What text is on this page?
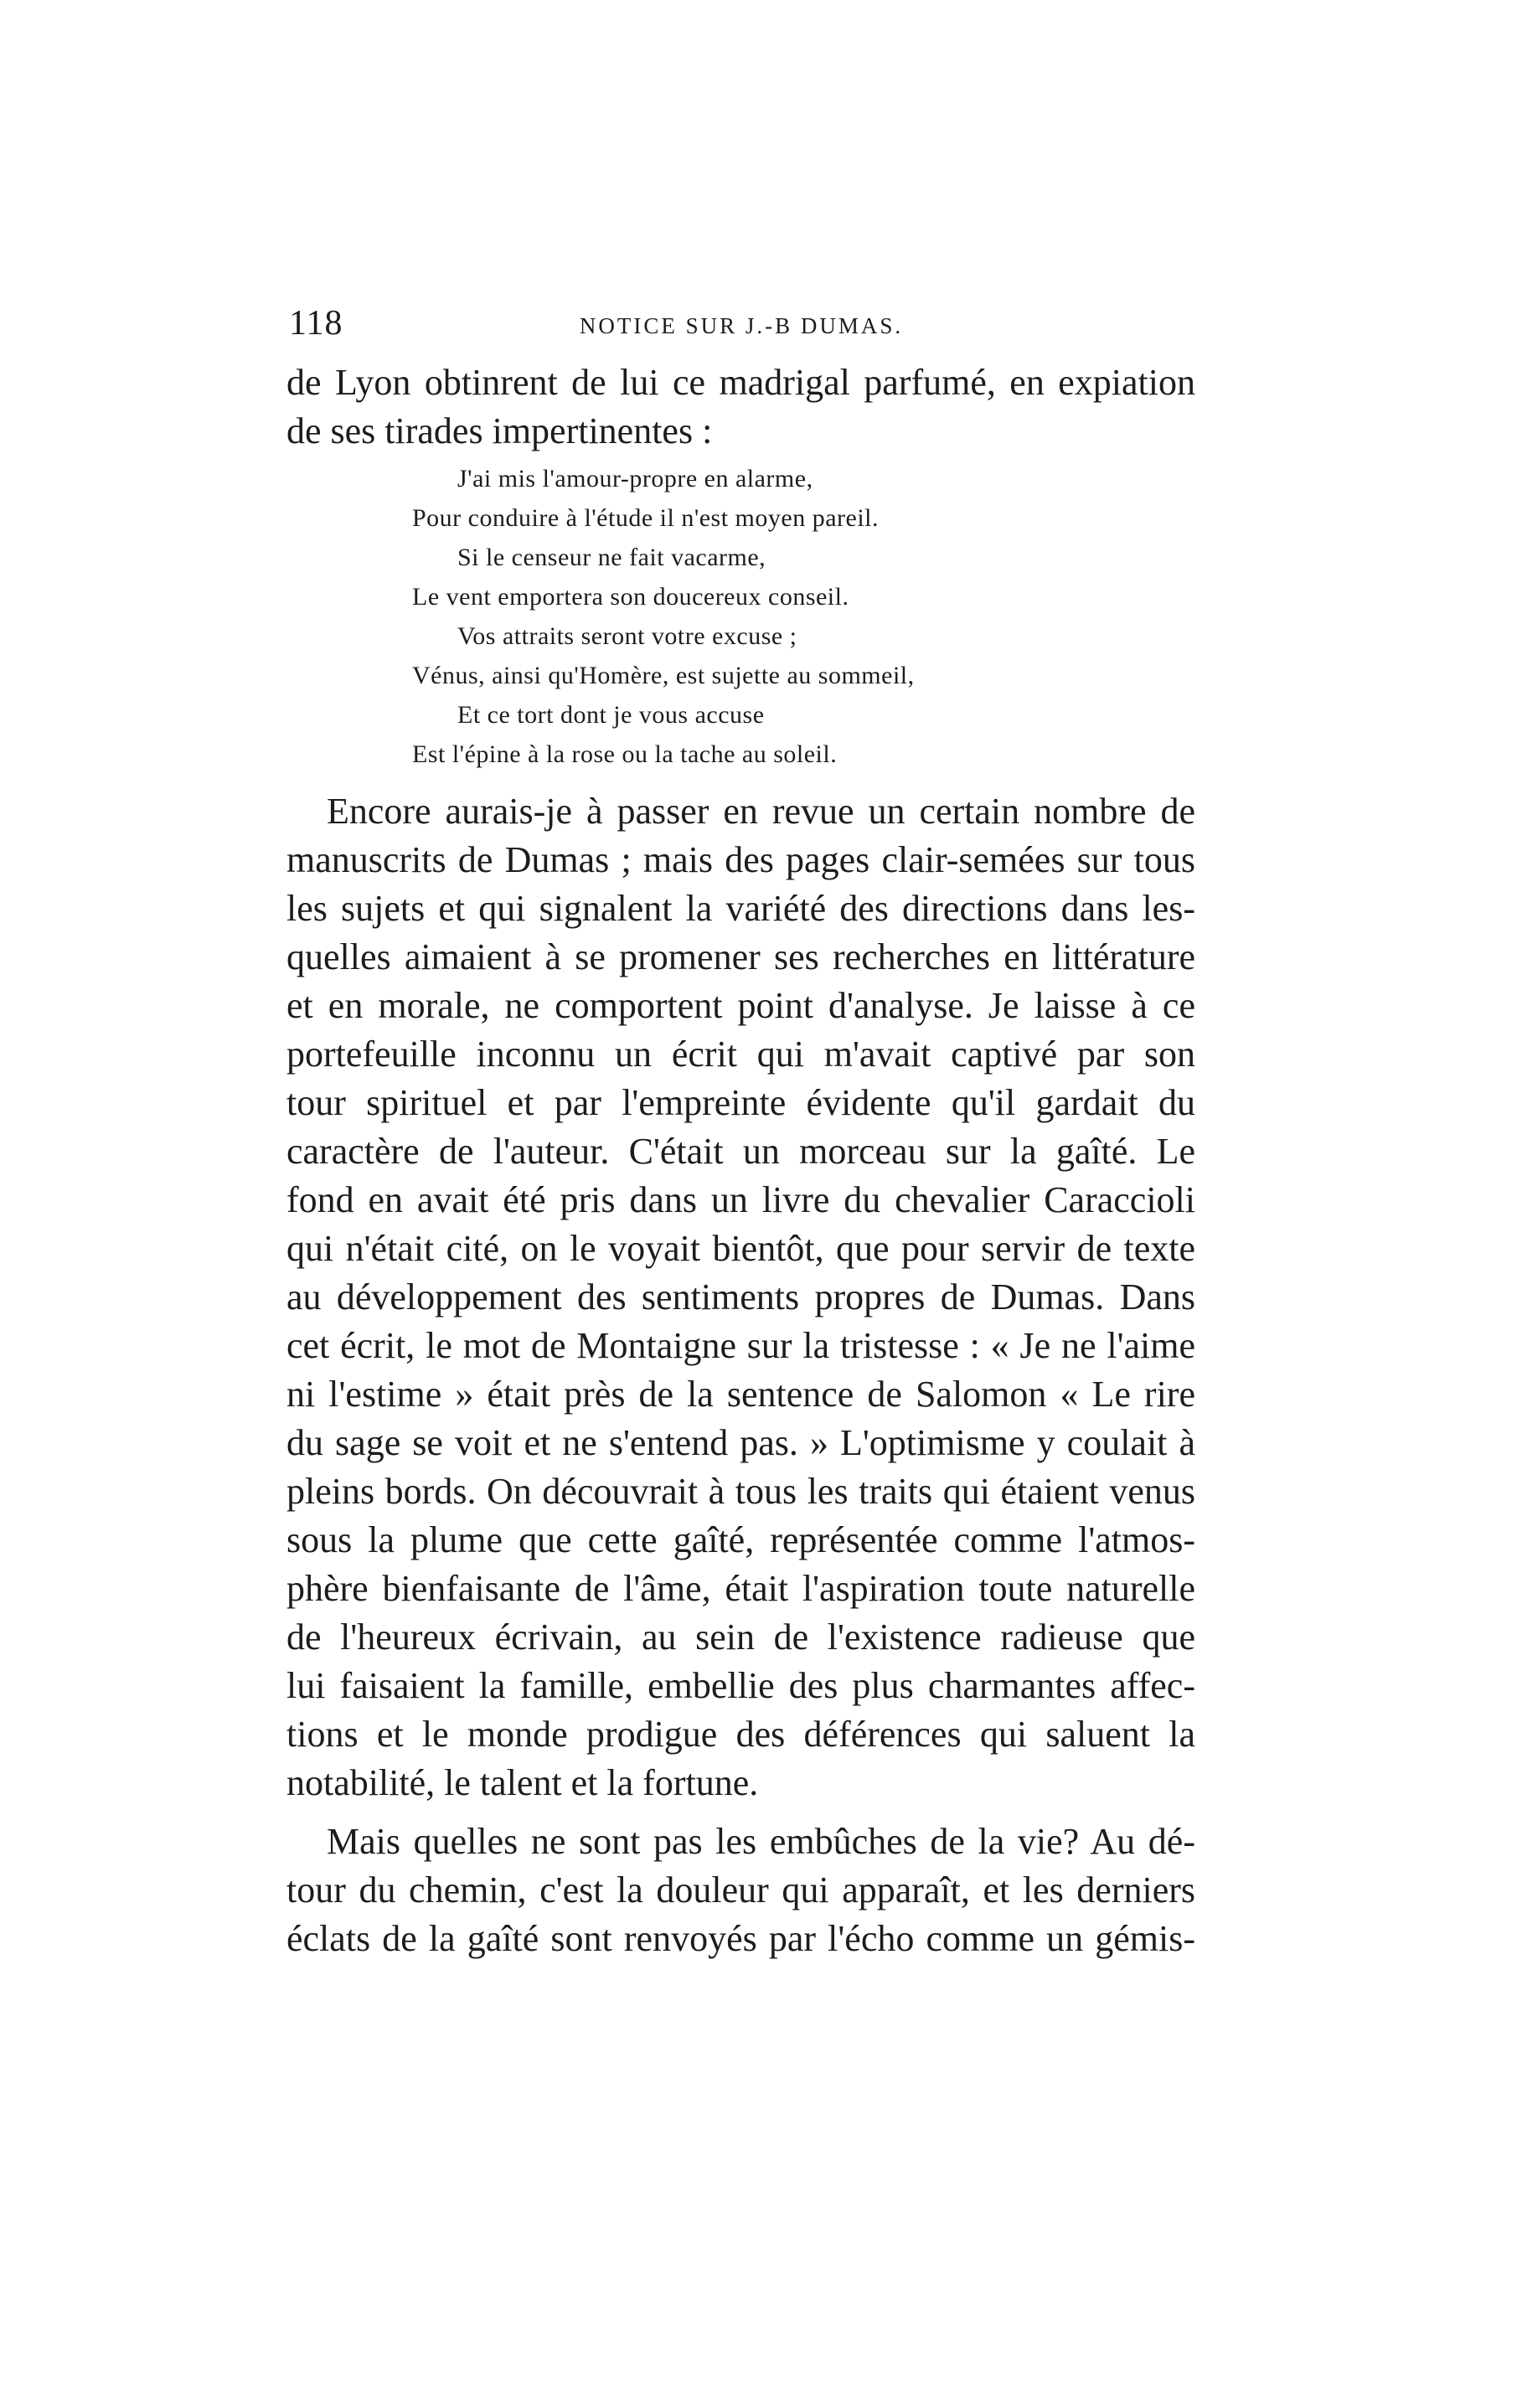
118	NOTICE SUR J.-B DUMAS.
de Lyon obtinrent de lui ce madrigal parfumé, en expiation
de ses tirades impertinentes :
J'ai mis l'amour-propre en alarme,
Pour conduire à l'étude il n'est moyen pareil.
Si le censeur ne fait vacarme,
Le vent emportera son doucereux conseil.
Vos attraits seront votre excuse ;
Vénus, ainsi qu'Homère, est sujette au sommeil,
Et ce tort dont je vous accuse
Est l'épine à la rose ou la tache au soleil.
Encore aurais-je à passer en revue un certain nombre de
manuscrits de Dumas ; mais des pages clair-semées sur tous
les sujets et qui signalent la variété des directions dans les-
quelles aimaient à se promener ses recherches en littérature
et en morale, ne comportent point d'analyse. Je laisse à ce
portefeuille inconnu un écrit qui m'avait captivé par son
tour spirituel et par l'empreinte évidente qu'il gardait du
caractère de l'auteur. C'était un morceau sur la gaîté. Le
fond en avait été pris dans un livre du chevalier Caraccioli
qui n'était cité, on le voyait bientôt, que pour servir de texte
au développement des sentiments propres de Dumas. Dans
cet écrit, le mot de Montaigne sur la tristesse : « Je ne l'aime
ni l'estime » était près de la sentence de Salomon « Le rire
du sage se voit et ne s'entend pas. » L'optimisme y coulait à
pleins bords. On découvrait à tous les traits qui étaient venus
sous la plume que cette gaîté, représentée comme l'atmos-
phère bienfaisante de l'âme, était l'aspiration toute naturelle
de l'heureux écrivain, au sein de l'existence radieuse que
lui faisaient la famille, embellie des plus charmantes affec-
tions et le monde prodigue des déférences qui saluent la
notabilité, le talent et la fortune.
Mais quelles ne sont pas les embûches de la vie? Au dé-
tour du chemin, c'est la douleur qui apparaît, et les derniers
éclats de la gaîté sont renvoyés par l'écho comme un gémis-
